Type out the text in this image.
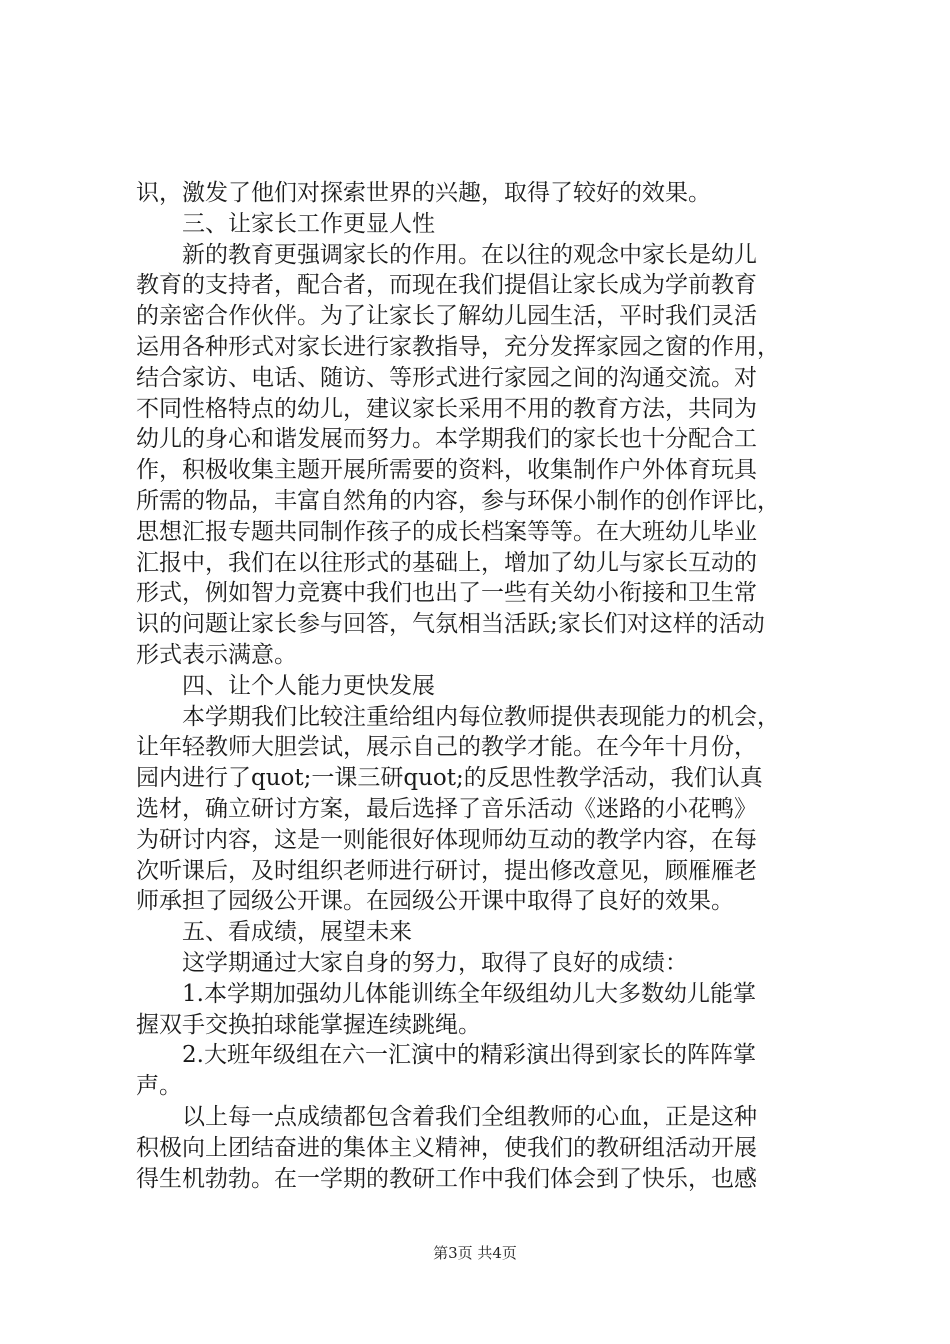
识，激发了他们对探索世界的兴趣，取得了较好的效果。
三、让家长工作更显人性
新的教育更强调家长的作用。在以往的观念中家长是幼儿
教育的支持者，配合者，而现在我们提倡让家长成为学前教育
的亲密合作伙伴。为了让家长了解幼儿园生活，平时我们灵活
运用各种形式对家长进行家教指导，充分发挥家园之窗的作用，
结合家访、电话、随访、等形式进行家园之间的沟通交流。对
不同性格特点的幼儿，建议家长采用不用的教育方法，共同为
幼儿的身心和谐发展而努力。本学期我们的家长也十分配合工
作，积极收集主题开展所需要的资料，收集制作户外体育玩具
所需的物品，丰富自然角的内容，参与环保小制作的创作评比，
思想汇报专题共同制作孩子的成长档案等等。在大班幼儿毕业
汇报中，我们在以往形式的基础上，增加了幼儿与家长互动的
形式，例如智力竞赛中我们也出了一些有关幼小衔接和卫生常
识的问题让家长参与回答，气氛相当活跃;家长们对这样的活动
形式表示满意。
四、让个人能力更快发展
本学期我们比较注重给组内每位教师提供表现能力的机会，
让年轻教师大胆尝试，展示自己的教学才能。在今年十月份，
园内进行了quot;一课三研quot;的反思性教学活动，我们认真
选材，确立研讨方案，最后选择了音乐活动《迷路的小花鸭》
为研讨内容，这是一则能很好体现师幼互动的教学内容，在每
次听课后，及时组织老师进行研讨，提出修改意见，顾雁雁老
师承担了园级公开课。在园级公开课中取得了良好的效果。
五、看成绩，展望未来
这学期通过大家自身的努力，取得了良好的成绩：
1.本学期加强幼儿体能训练全年级组幼儿大多数幼儿能掌
握双手交换拍球能掌握连续跳绳。
2.大班年级组在六一汇演中的精彩演出得到家长的阵阵掌
声。
以上每一点成绩都包含着我们全组教师的心血，正是这种
积极向上团结奋进的集体主义精神，使我们的教研组活动开展
得生机勃勃。在一学期的教研工作中我们体会到了快乐，也感
第3页 共4页
